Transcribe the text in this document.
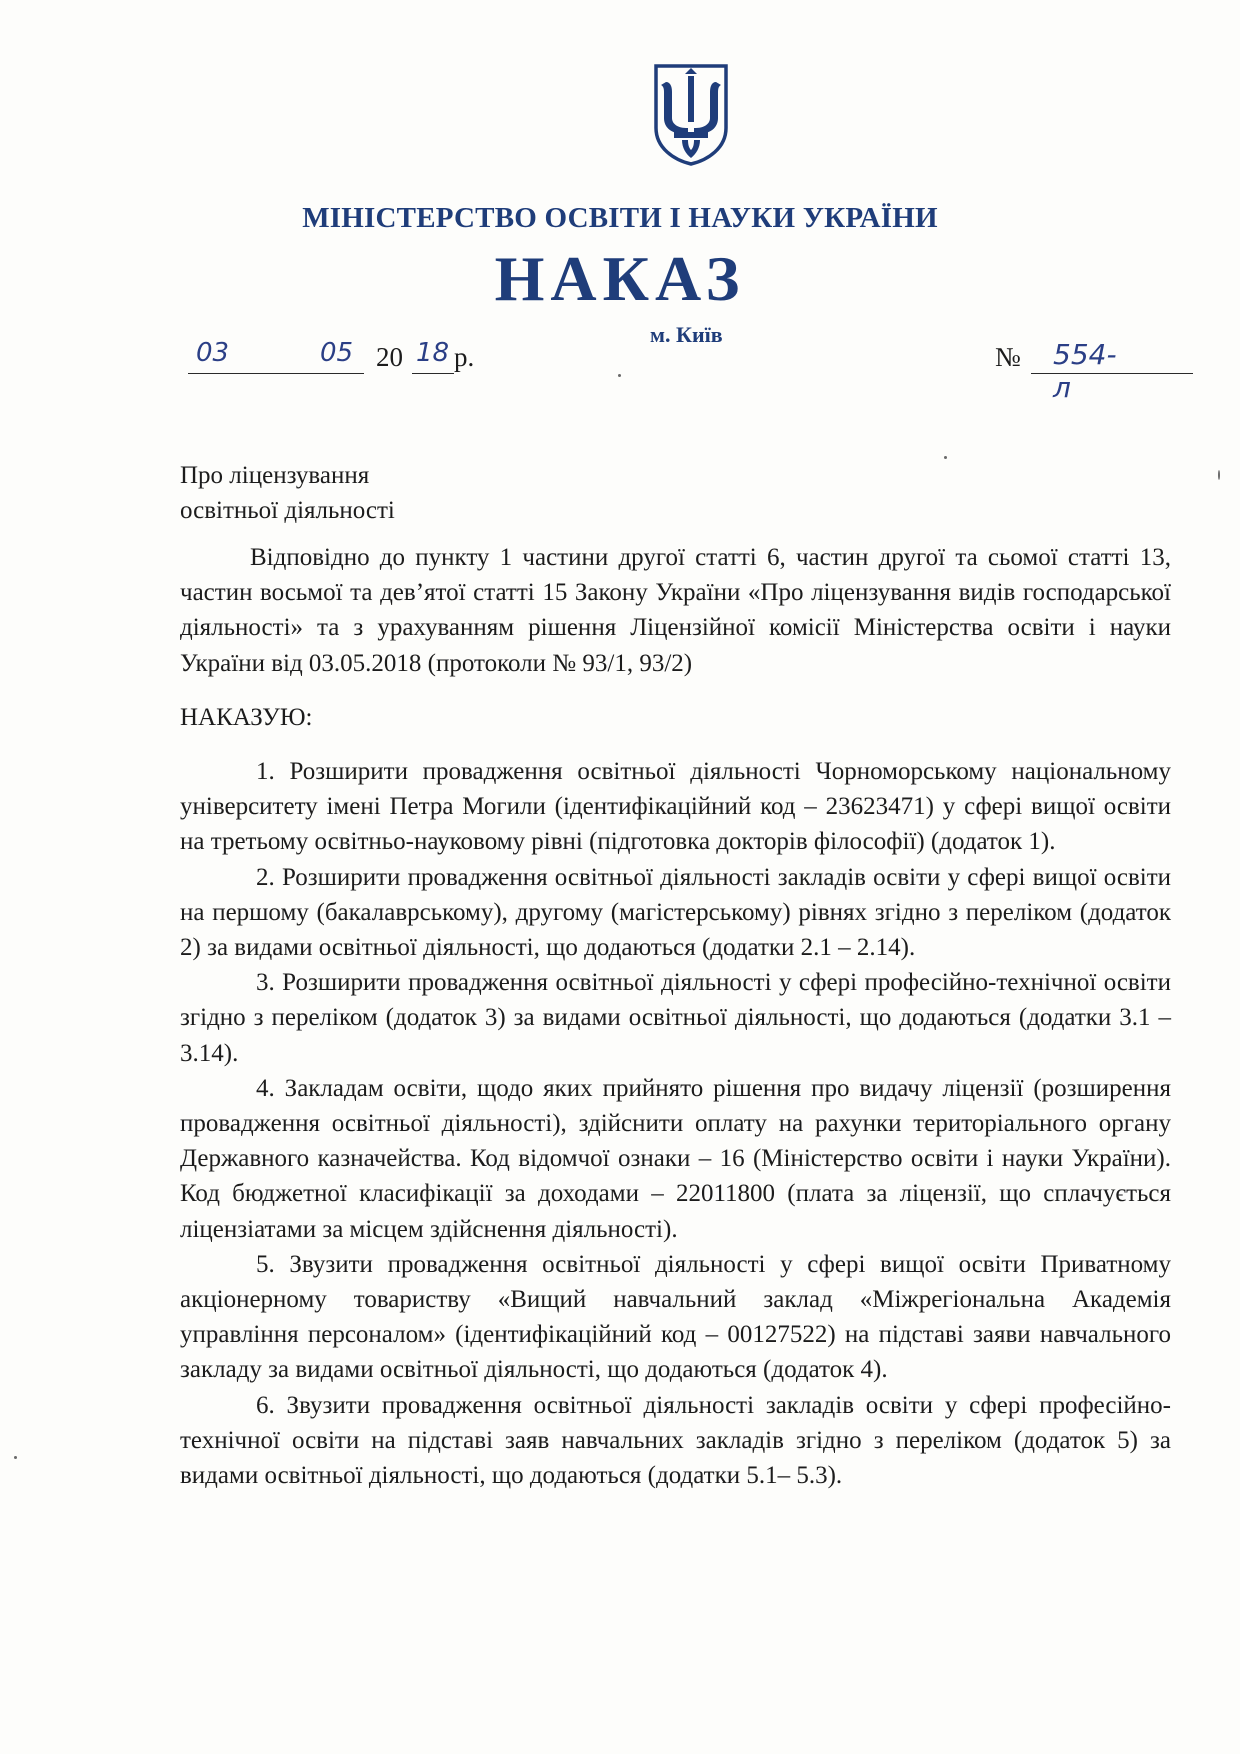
МІНІСТЕРСТВО ОСВІТИ І НАУКИ УКРАЇНИ
НАКАЗ
м. Київ
03	05 20 18 р.	№ 554-л
Про ліцензування
освітньої діяльності

Відповідно до пункту 1 частини другої статті 6, частин другої та сьомої статті 13, частин восьмої та дев’ятої статті 15 Закону України «Про ліцензування видів господарської діяльності» та з урахуванням рішення Ліцензійної комісії Міністерства освіти і науки України від 03.05.2018 (протоколи № 93/1, 93/2)

НАКАЗУЮ:

1. Розширити провадження освітньої діяльності Чорноморському національному університету імені Петра Могили (ідентифікаційний код – 23623471) у сфері вищої освіти на третьому освітньо-науковому рівні (підготовка докторів філософії) (додаток 1).

2. Розширити провадження освітньої діяльності закладів освіти у сфері вищої освіти на першому (бакалаврському), другому (магістерському) рівнях згідно з переліком (додаток 2) за видами освітньої діяльності, що додаються (додатки 2.1 – 2.14).

3. Розширити провадження освітньої діяльності у сфері професійно-технічної освіти згідно з переліком (додаток 3) за видами освітньої діяльності, що додаються (додатки 3.1 – 3.14).

4. Закладам освіти, щодо яких прийнято рішення про видачу ліцензії (розширення провадження освітньої діяльності), здійснити оплату на рахунки територіального органу Державного казначейства. Код відомчої ознаки – 16 (Міністерство освіти і науки України). Код бюджетної класифікації за доходами – 22011800 (плата за ліцензії, що сплачується ліцензіатами за місцем здійснення діяльності).

5. Звузити провадження освітньої діяльності у сфері вищої освіти Приватному акціонерному товариству «Вищий навчальний заклад «Міжрегіональна Академія управління персоналом» (ідентифікаційний код – 00127522) на підставі заяви навчального закладу за видами освітньої діяльності, що додаються (додаток 4).

6. Звузити провадження освітньої діяльності закладів освіти у сфері професійно-технічної освіти на підставі заяв навчальних закладів згідно з переліком (додаток 5) за видами освітньої діяльності, що додаються (додатки 5.1– 5.3).
